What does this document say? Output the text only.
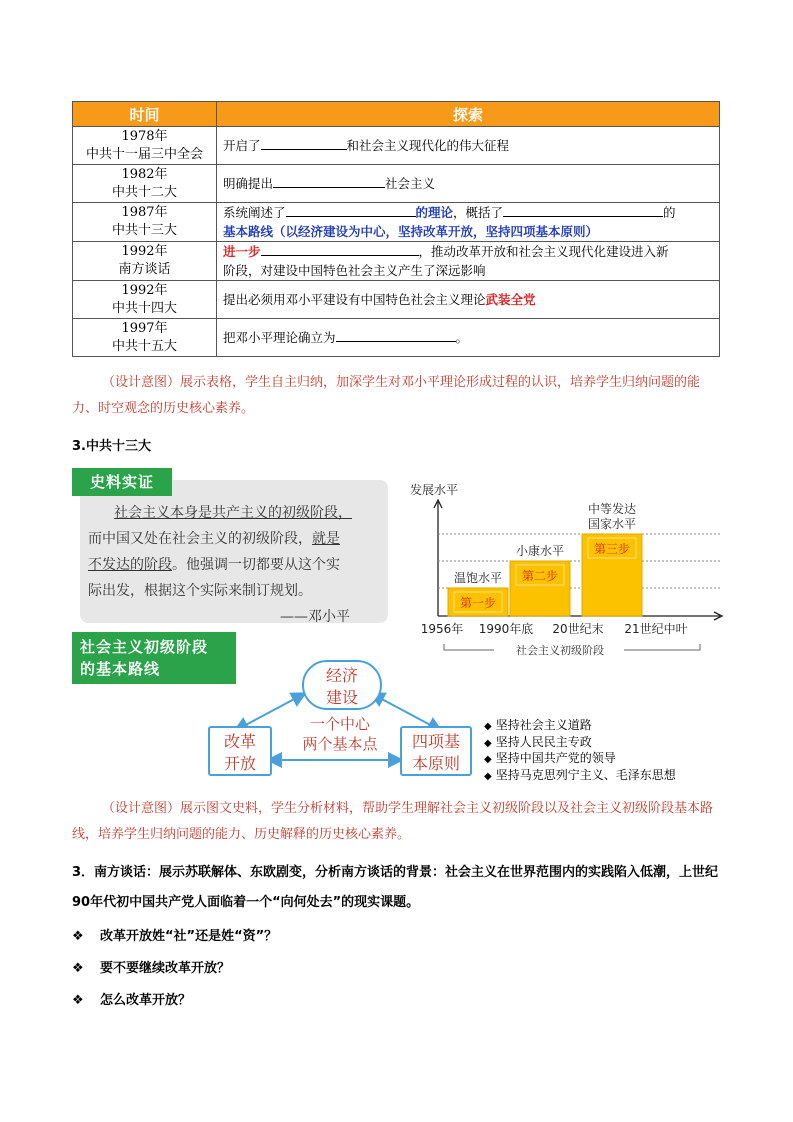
时间	探索
1978年
中共十一届三中全会	开启了 和社会主义现代化的伟大征程
1982年
中共十二大	明确提出 社会主义
1987年
中共十三大	系统阐述了 的理论，概括了 的
基本路线（以经济建设为中心，坚持改革开放，坚持四项基本原则）
1992年
南方谈话	进一步 ，推动改革开放和社会主义现代化建设进入新
阶段，对建设中国特色社会主义产生了深远影响
1992年
中共十四大	提出必须用邓小平建设有中国特色社会主义理论武装全党
1997年
中共十五大	把邓小平理论确立为 。
（设计意图）展示表格，学生自主归纳，加深学生对邓小平理论形成过程的认识，培养学生归纳问题的能力、时空观念的历史核心素养。
3.中共十三大
社会主义本身是共产主义的初级阶段，
而中国又处在社会主义的初级阶段，就是
不发达的阶段。他强调一切都要从这个实
际出发，根据这个实际来制订规划。
——邓小平
史料实证
社会主义初级阶段
的基本路线	经济
建设
改革
开放
四项基
本原则
一个中心
两个基本点
◆ 坚持社会主义道路
◆ 坚持人民民主专政
◆ 坚持中国共产党的领导
◆ 坚持马克思列宁主义、毛泽东思想
发展水平
第一步
温饱水平 第二步
小康水平 第三步
中等发达
国家水平
1956年 1990年底 20世纪末 21世纪中叶
社会主义初级阶段
（设计意图）展示图文史料，学生分析材料，帮助学生理解社会主义初级阶段以及社会主义初级阶段基本路线，培养学生归纳问题的能力、历史解释的历史核心素养。
3．南方谈话：展示苏联解体、东欧剧变，分析南方谈话的背景：社会主义在世界范围内的实践陷入低潮，上世纪90年代初中国共产党人面临着一个“向何处去”的现实课题。
❖ 改革开放姓“社”还是姓“资”？
❖ 要不要继续改革开放？
❖ 怎么改革开放？
